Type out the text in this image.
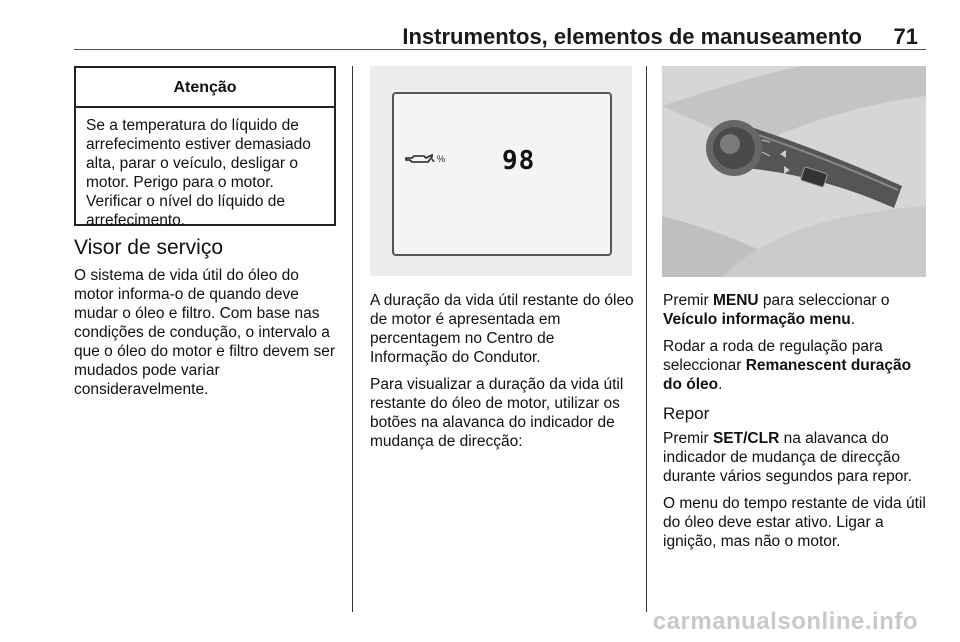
Instrumentos, elementos de manuseamento 71
Atenção
Se a temperatura do líquido de arrefecimento estiver demasiado alta, parar o veículo, desligar o motor. Perigo para o motor. Verificar o nível do líquido de arrefecimento.
Visor de serviço

O sistema de vida útil do óleo do motor informa-o de quando deve mudar o óleo e filtro. Com base nas condições de condução, o intervalo a que o óleo do motor e filtro devem ser mudados pode variar consideravelmente.

% 98

A duração da vida útil restante do óleo de motor é apresentada em percentagem no Centro de Informação do Condutor.

Para visualizar a duração da vida útil restante do óleo de motor, utilizar os botões na alavanca do indicador de mudança de direcção:

Premir MENU para seleccionar o Veículo informação menu.

Rodar a roda de regulação para seleccionar Remanescent duração do óleo.

Repor

Premir SET/CLR na alavanca do indicador de mudança de direcção durante vários segundos para repor.

O menu do tempo restante de vida útil do óleo deve estar ativo. Ligar a ignição, mas não o motor.

carmanualsonline.info
